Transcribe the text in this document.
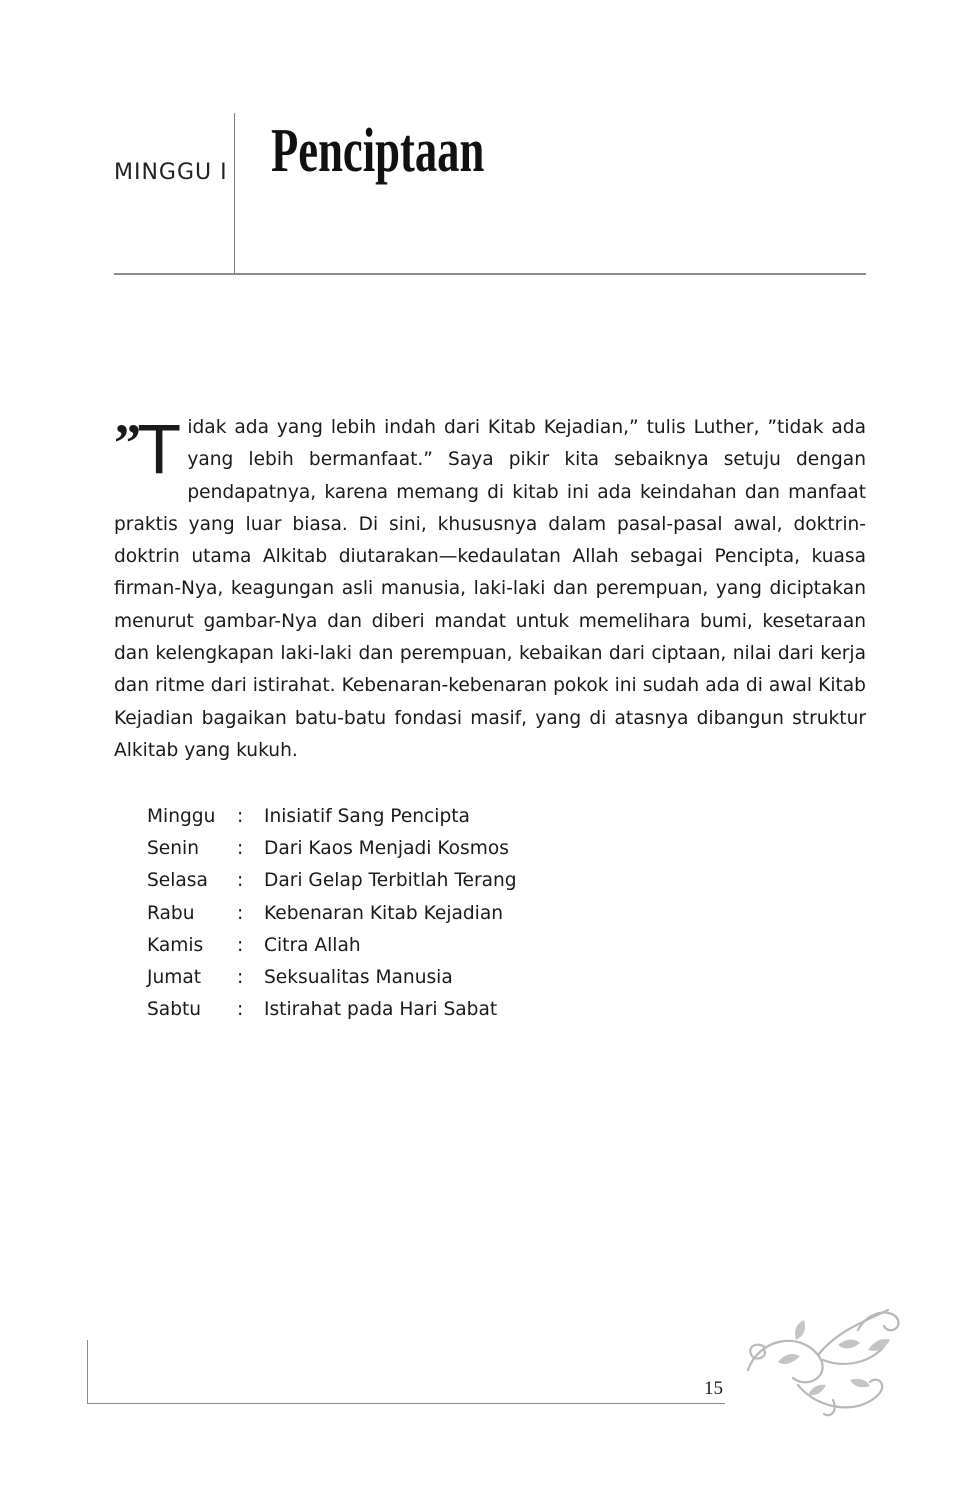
MINGGU I Penciptaan

”T idak ada yang lebih indah dari Kitab Kejadian,” tulis Luther, ”tidak ada yang lebih bermanfaat.” Saya pikir kita sebaiknya setuju dengan pendapatnya, karena memang di kitab ini ada keindahan dan manfaat praktis yang luar biasa. Di sini, khususnya dalam pasal-pasal awal, doktrin-doktrin utama Alkitab diutarakan—kedaulatan Allah sebagai Pencipta, kuasa firman-Nya, keagungan asli manusia, laki-laki dan perempuan, yang diciptakan menurut gambar-Nya dan diberi mandat untuk memelihara bumi, kesetaraan dan kelengkapan laki-laki dan perempuan, kebaikan dari ciptaan, nilai dari kerja dan ritme dari istirahat. Kebenaran-kebenaran pokok ini sudah ada di awal Kitab Kejadian bagaikan batu-batu fondasi masif, yang di atasnya dibangun struktur Alkitab yang kukuh.

Minggu	:	Inisiatif Sang Pencipta
Senin	:	Dari Kaos Menjadi Kosmos
Selasa	:	Dari Gelap Terbitlah Terang
Rabu	:	Kebenaran Kitab Kejadian
Kamis	:	Citra Allah
Jumat	:	Seksualitas Manusia
Sabtu	:	Istirahat pada Hari Sabat
15
